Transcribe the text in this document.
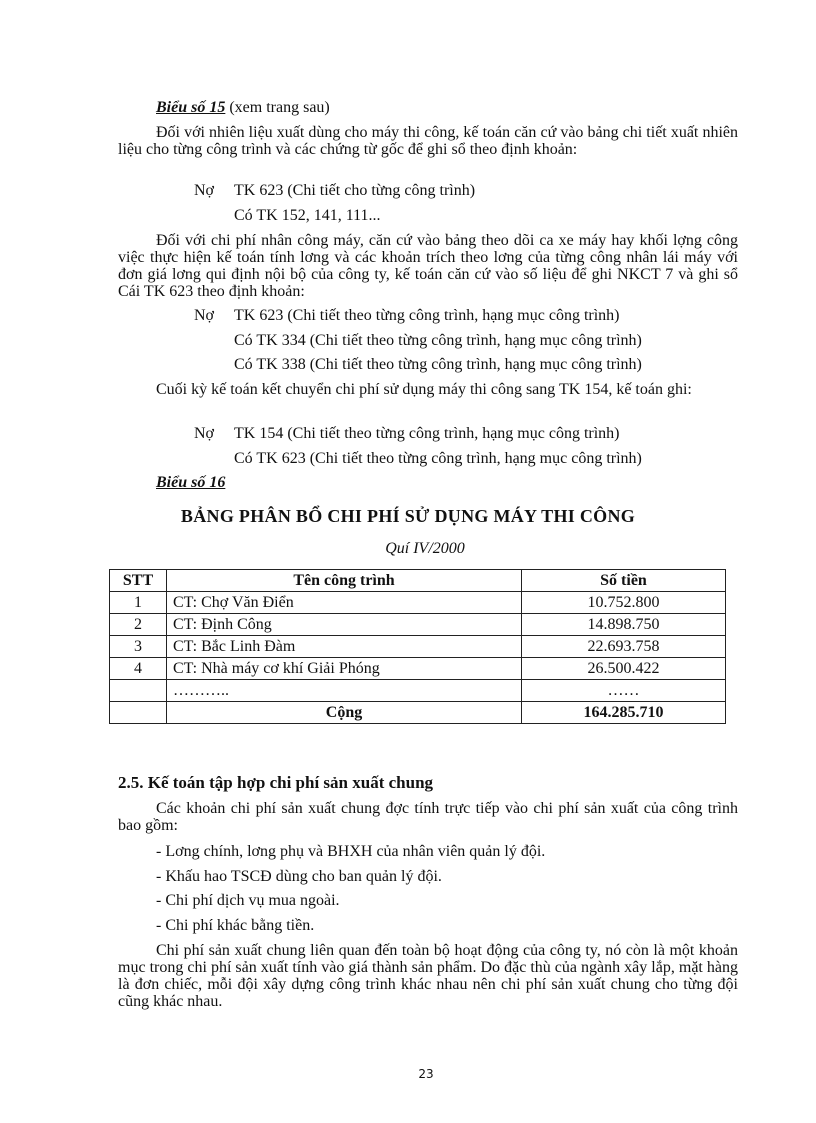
Biểu số 15 (xem trang sau)
Đối với nhiên liệu xuất dùng cho máy thi công, kế toán căn cứ vào bảng chi tiết xuất nhiên liệu cho từng công trình và các chứng từ gốc để ghi sổ theo định khoản:
Nợ TK 623 (Chi tiết cho từng công trình)
Có TK 152, 141, 111...
Đối với chi phí nhân công máy, căn cứ vào bảng theo dõi ca xe máy hay khối lợng công việc thực hiện kế toán tính lơng và các khoản trích theo lơng của từng công nhân lái máy với đơn giá lơng qui định nội bộ của công ty, kế toán căn cứ vào số liệu để ghi NKCT 7 và ghi sổ Cái TK 623 theo định khoản:
Nợ TK 623 (Chi tiết theo từng công trình, hạng mục công trình)
Có TK 334 (Chi tiết theo từng công trình, hạng mục công trình)
Có TK 338 (Chi tiết theo từng công trình, hạng mục công trình)
Cuối kỳ kế toán kết chuyển chi phí sử dụng máy thi công sang TK 154, kế toán ghi:
Nợ TK 154 (Chi tiết theo từng công trình, hạng mục công trình)
Có TK 623 (Chi tiết theo từng công trình, hạng mục công trình)
Biểu số 16
BẢNG PHÂN BỔ CHI PHÍ SỬ DỤNG MÁY THI CÔNG
Quí IV/2000
STT	Tên công trình	Số tiền
1	CT: Chợ Văn Điển	10.752.800
2	CT: Định Công	14.898.750
3	CT: Bắc Linh Đàm	22.693.758
4	CT: Nhà máy cơ khí Giải Phóng	26.500.422
	………..	……
	Cộng	164.285.710
2.5. Kế toán tập hợp chi phí sản xuất chung
Các khoản chi phí sản xuất chung đợc tính trực tiếp vào chi phí sản xuất của công trình bao gồm:
- Lơng chính, lơng phụ và BHXH của nhân viên quản lý đội.
- Khấu hao TSCĐ dùng cho ban quản lý đội.
- Chi phí dịch vụ mua ngoài.
- Chi phí khác bằng tiền.
Chi phí sản xuất chung liên quan đến toàn bộ hoạt động của công ty, nó còn là một khoản mục trong chi phí sản xuất tính vào giá thành sản phẩm. Do đặc thù của ngành xây lắp, mặt hàng là đơn chiếc, mỗi đội xây dựng công trình khác nhau nên chi phí sản xuất chung cho từng đội cũng khác nhau.
23
